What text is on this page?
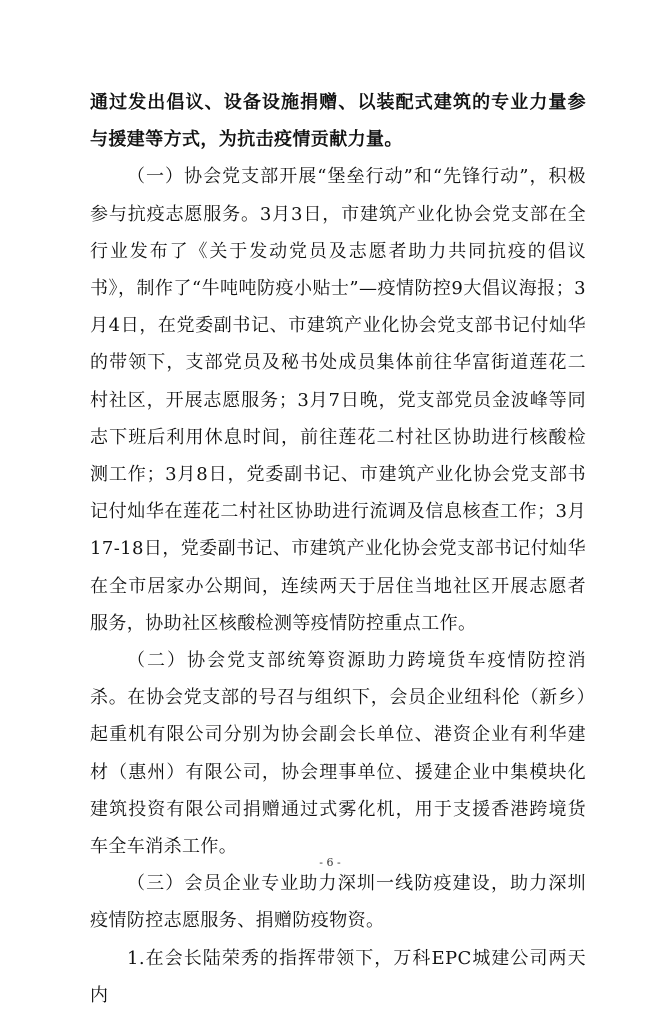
通过发出倡议、设备设施捐赠、以装配式建筑的专业力量参与援建等方式，为抗击疫情贡献力量。

（一）协会党支部开展“堡垒行动”和“先锋行动”，积极参与抗疫志愿服务。3月3日，市建筑产业化协会党支部在全行业发布了《关于发动党员及志愿者助力共同抗疫的倡议书》，制作了“牛吨吨防疫小贴士”—疫情防控9大倡议海报；3月4日，在党委副书记、市建筑产业化协会党支部书记付灿华的带领下，支部党员及秘书处成员集体前往华富街道莲花二村社区，开展志愿服务；3月7日晚，党支部党员金波峰等同志下班后利用休息时间，前往莲花二村社区协助进行核酸检测工作；3月8日，党委副书记、市建筑产业化协会党支部书记付灿华在莲花二村社区协助进行流调及信息核查工作；3月17-18日，党委副书记、市建筑产业化协会党支部书记付灿华在全市居家办公期间，连续两天于居住当地社区开展志愿者服务，协助社区核酸检测等疫情防控重点工作。

（二）协会党支部统筹资源助力跨境货车疫情防控消杀。在协会党支部的号召与组织下，会员企业纽科伦（新乡）起重机有限公司分别为协会副会长单位、港资企业有利华建材（惠州）有限公司，协会理事单位、援建企业中集模块化建筑投资有限公司捐赠通过式雾化机，用于支援香港跨境货车全车消杀工作。

（三）会员企业专业助力深圳一线防疫建设，助力深圳疫情防控志愿服务、捐赠防疫物资。

1.在会长陆荣秀的指挥带领下，万科EPC城建公司两天内

- 6 -
